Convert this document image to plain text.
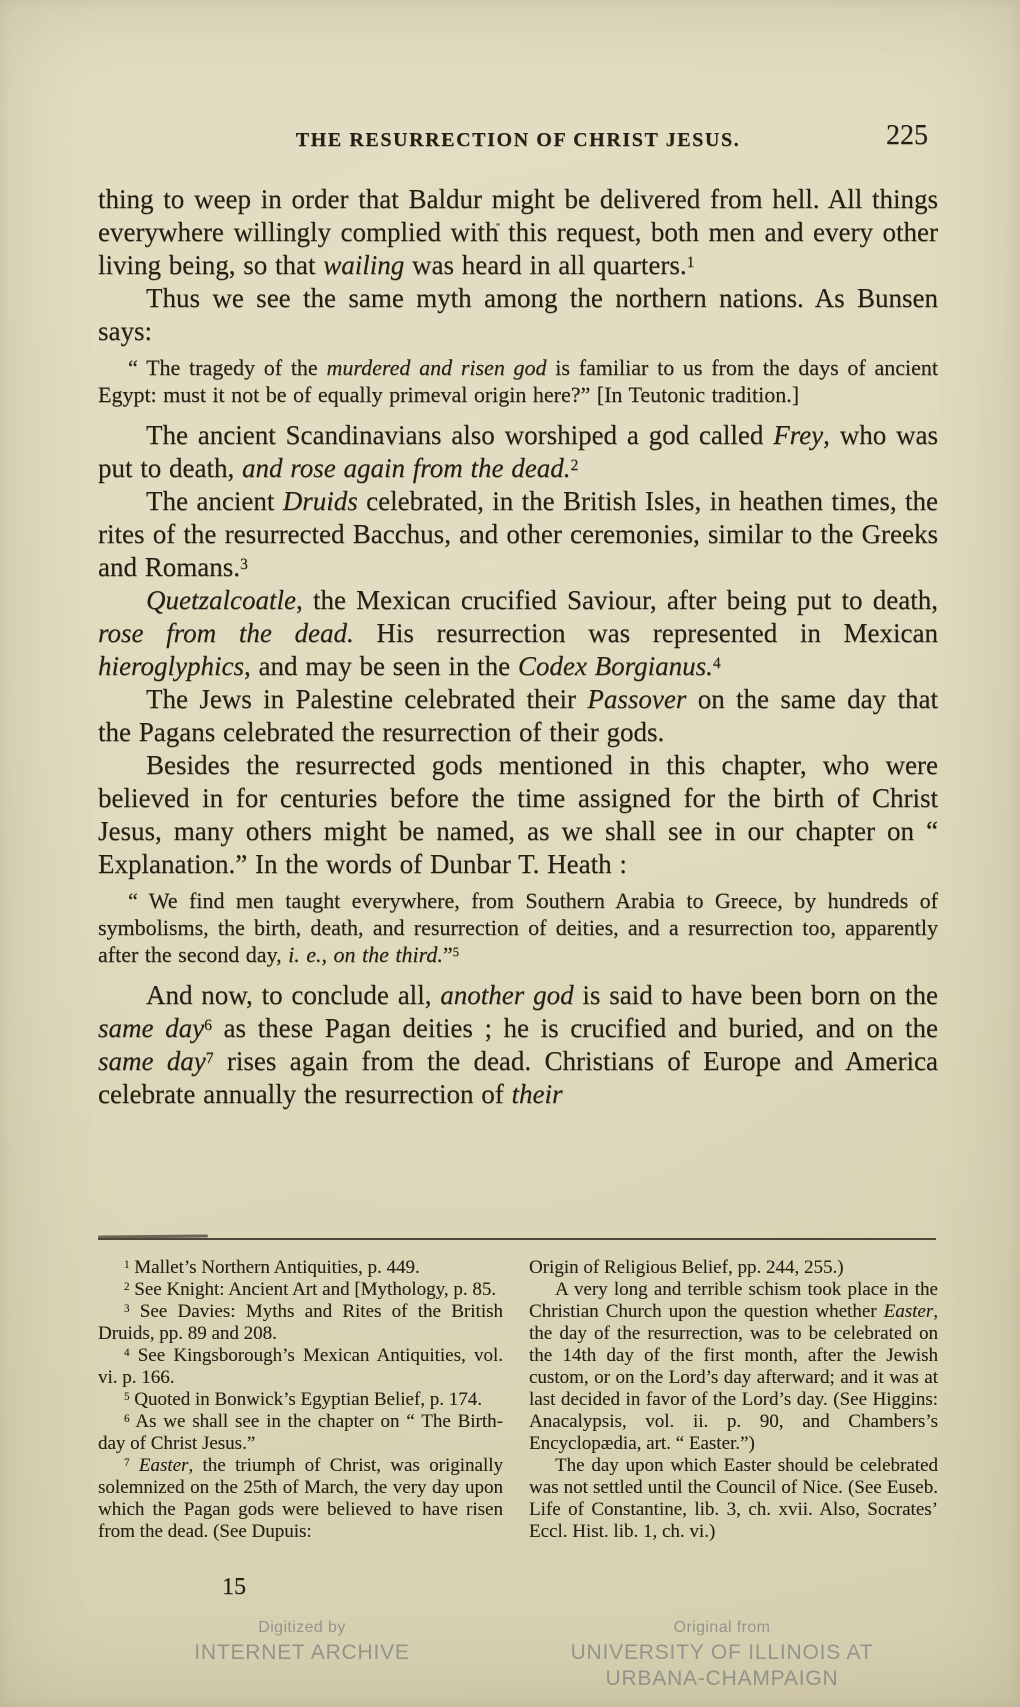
THE RESURRECTION OF CHRIST JESUS.	225

thing to weep in order that Baldur might be delivered from hell. All things everywhere willingly complied with this request, both men and every other living being, so that wailing was heard in all quarters.$^1$

Thus we see the same myth among the northern nations. As Bunsen says:

“ The tragedy of the murdered and risen god is familiar to us from the days of ancient Egypt: must it not be of equally primeval origin here?” [In Teutonic tradition.]

The ancient Scandinavians also worshiped a god called Frey, who was put to death, and rose again from the dead.$^2$

The ancient Druids celebrated, in the British Isles, in heathen times, the rites of the resurrected Bacchus, and other ceremonies, similar to the Greeks and Romans.$^3$

Quetzalcoatle, the Mexican crucified Saviour, after being put to death, rose from the dead. His resurrection was represented in Mexican hieroglyphics, and may be seen in the Codex Borgianus.$^4$

The Jews in Palestine celebrated their Passover on the same day that the Pagans celebrated the resurrection of their gods.

Besides the resurrected gods mentioned in this chapter, who were believed in for centuries before the time assigned for the birth of Christ Jesus, many others might be named, as we shall see in our chapter on “ Explanation.” In the words of Dunbar T. Heath :

“ We find men taught everywhere, from Southern Arabia to Greece, by hundreds of symbolisms, the birth, death, and resurrection of deities, and a resurrection too, apparently after the second day, i. e., on the third.”$^5$

And now, to conclude all, another god is said to have been born on the same day$^6$ as these Pagan deities ; he is crucified and buried, and on the same day$^7$ rises again from the dead. Christians of Europe and America celebrate annually the resurrection of their

$^1$ Mallet’s Northern Antiquities, p. 449.

$^2$ See Knight: Ancient Art and [Mythology, p. 85.

$^3$ See Davies: Myths and Rites of the British Druids, pp. 89 and 208.

$^4$ See Kingsborough’s Mexican Antiquities, vol. vi. p. 166.

$^5$ Quoted in Bonwick’s Egyptian Belief, p. 174.

$^6$ As we shall see in the chapter on “ The Birth-day of Christ Jesus.”

$^7$ Easter, the triumph of Christ, was originally solemnized on the 25th of March, the very day upon which the Pagan gods were believed to have risen from the dead. (See Dupuis:

Origin of Religious Belief, pp. 244, 255.)

A very long and terrible schism took place in the Christian Church upon the question whether Easter, the day of the resurrection, was to be celebrated on the 14th day of the first month, after the Jewish custom, or on the Lord’s day afterward; and it was at last decided in favor of the Lord’s day. (See Higgins: Anacalypsis, vol. ii. p. 90, and Chambers’s Encyclopædia, art. “ Easter.”)

The day upon which Easter should be celebrated was not settled until the Council of Nice. (See Euseb. Life of Constantine, lib. 3, ch. xvii. Also, Socrates’ Eccl. Hist. lib. 1, ch. vi.)

15
Digitized by
INTERNET ARCHIVE
Original from
UNIVERSITY OF ILLINOIS AT
URBANA-CHAMPAIGN
